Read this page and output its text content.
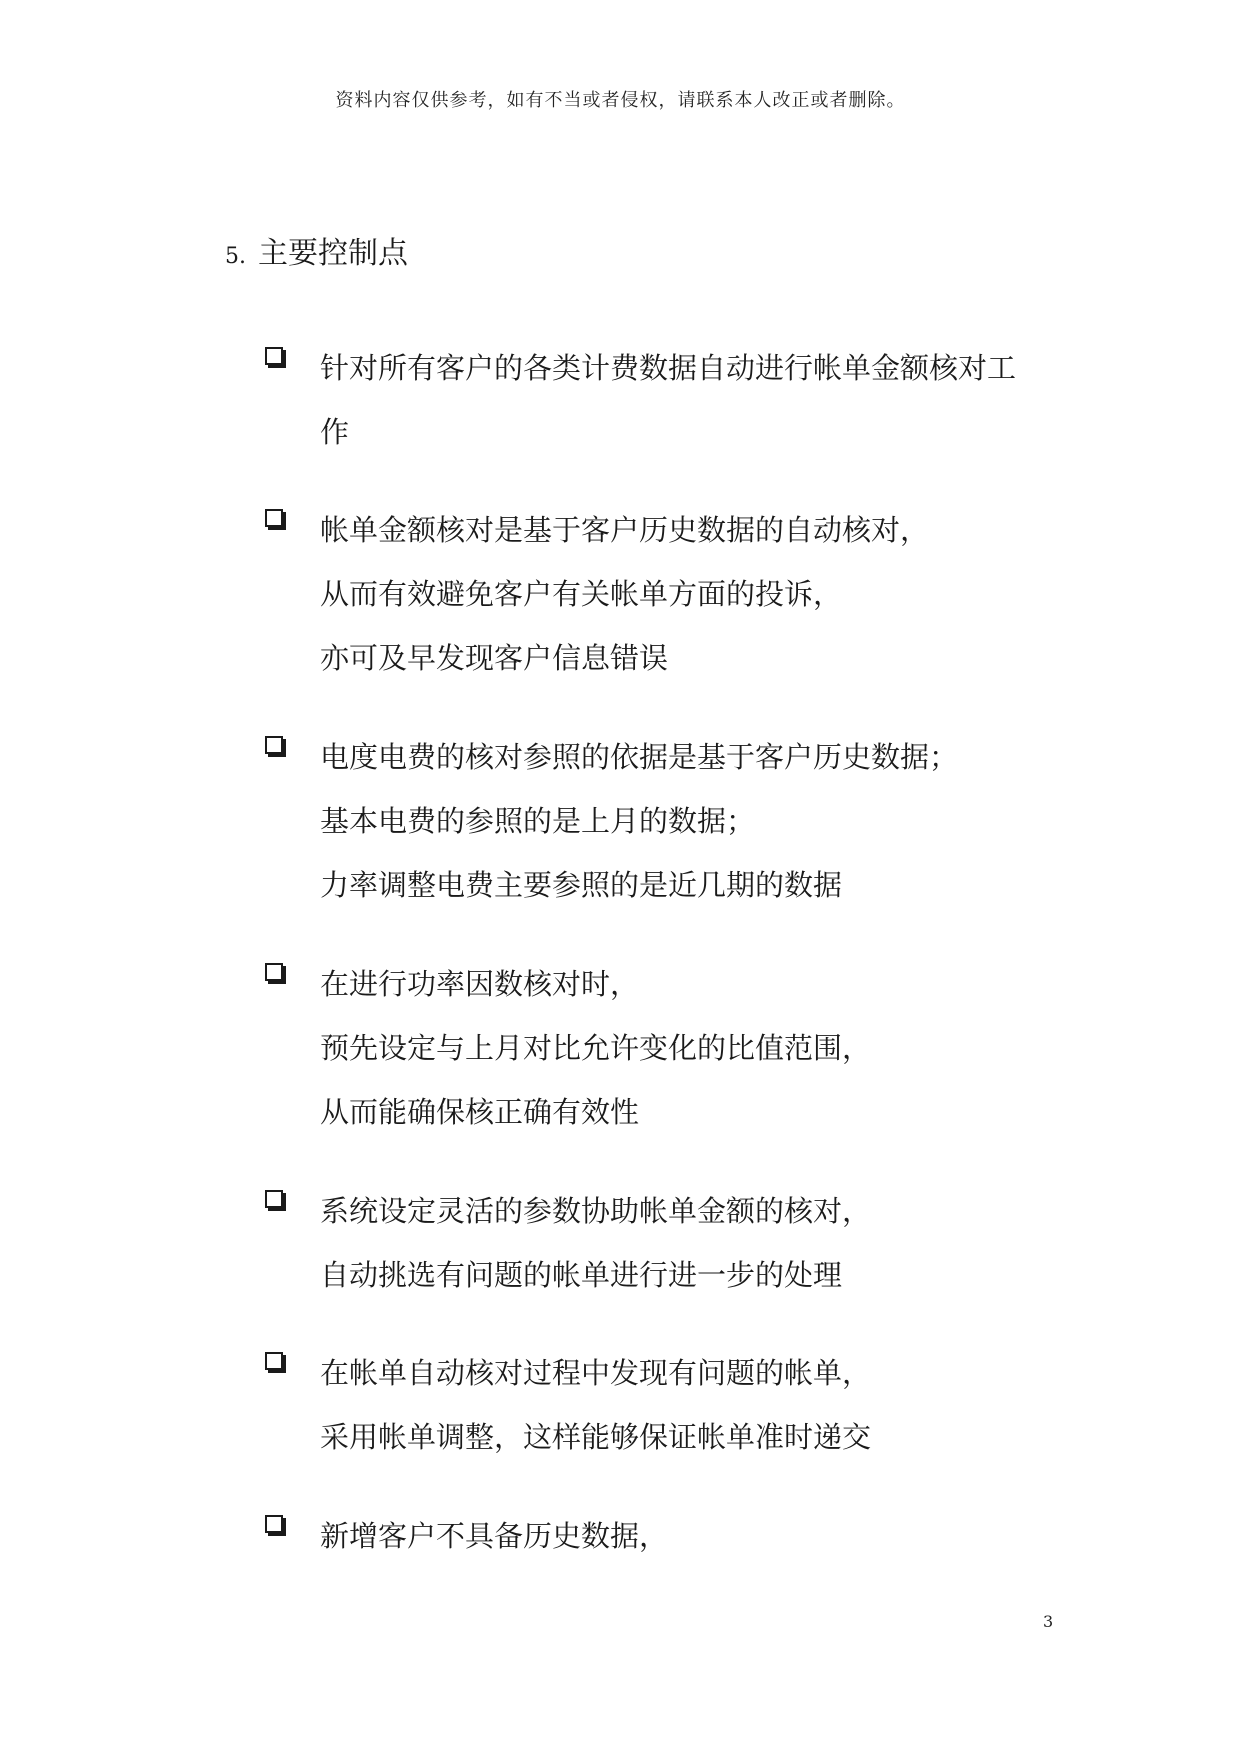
资料内容仅供参考，如有不当或者侵权，请联系本人改正或者删除。
5. 主要控制点
针对所有客户的各类计费数据自动进行帐单金额核对工
作
帐单金额核对是基于客户历史数据的自动核对，
从而有效避免客户有关帐单方面的投诉，
亦可及早发现客户信息错误
电度电费的核对参照的依据是基于客户历史数据；
基本电费的参照的是上月的数据；
力率调整电费主要参照的是近几期的数据
在进行功率因数核对时，
预先设定与上月对比允许变化的比值范围，
从而能确保核正确有效性
系统设定灵活的参数协助帐单金额的核对，
自动挑选有问题的帐单进行进一步的处理
在帐单自动核对过程中发现有问题的帐单，
采用帐单调整，这样能够保证帐单准时递交
新增客户不具备历史数据，
3
